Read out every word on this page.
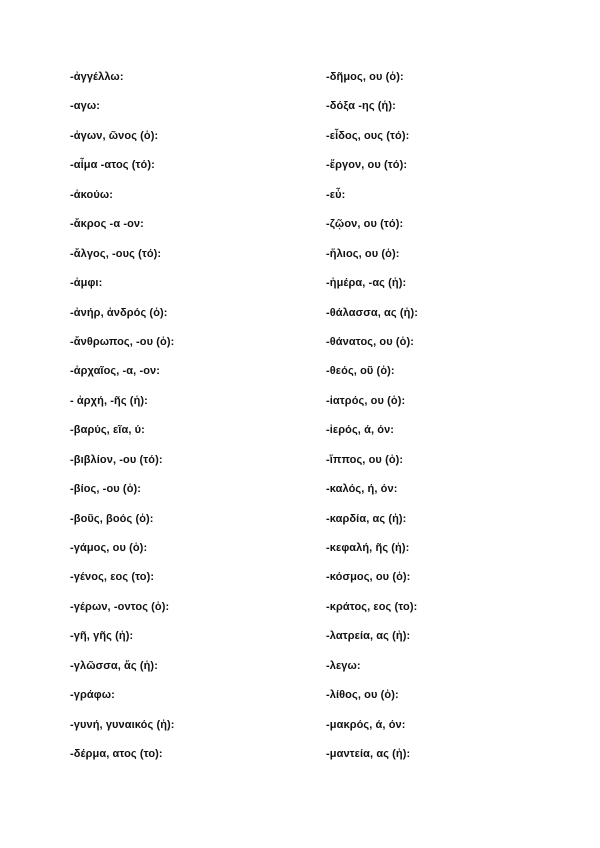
-ἀγγέλλω:
-αγω:
-ἀγων, ῶνος (ὁ):
-αἷμα -ατος (τό):
-ἀκούω:
-ἄκρος -α -ον:
-ἄλγος, -ους (τό):
-ἀμφι:
-ἀνήρ, ἀνδρός (ὁ):
-ἄνθρωπος, -ου (ὁ):
-ἀρχαῖος, -α, -ον:
- ἀρχή, -ῆς (ἡ):
-βαρύς, εῖα, ύ:
-βιβλίον, -ου (τό):
-βίος, -ου (ὁ):
-βοῦς, βοός (ὁ):
-γάμος, ου (ὁ):
-γένος, εος (το):
-γέρων, -οντος (ὁ):
-γῆ, γῆς (ἡ):
-γλῶσσα, ἄς (ἡ):
-γράφω:
-γυνή, γυναικός (ἡ):
-δέρμα, ατος (το):
-δῆμος, ου (ὁ):
-δόξα -ης (ἡ):
-εἶδος, ους (τό):
-ἔργον, ου (τό):
-εὖ:
-ζῷον, ου (τό):
-ἥλιος, ου (ὁ):
-ἡμέρα, -ας (ἡ):
-θάλασσα, ας (ἡ):
-θάνατος, ου (ὁ):
-θεός, οῦ (ὁ):
-ἰατρός, ου (ὁ):
-ἱερός, ά, όν:
-ἵππος, ου (ὁ):
-καλός, ή, όν:
-καρδία, ας (ἡ):
-κεφαλή, ῆς (ἡ):
-κόσμος, ου (ὁ):
-κράτος, εος (το):
-λατρεία, ας (ἡ):
-λεγω:
-λίθος, ου (ὁ):
-μακρός, ά, όν:
-μαντεία, ας (ἡ):
